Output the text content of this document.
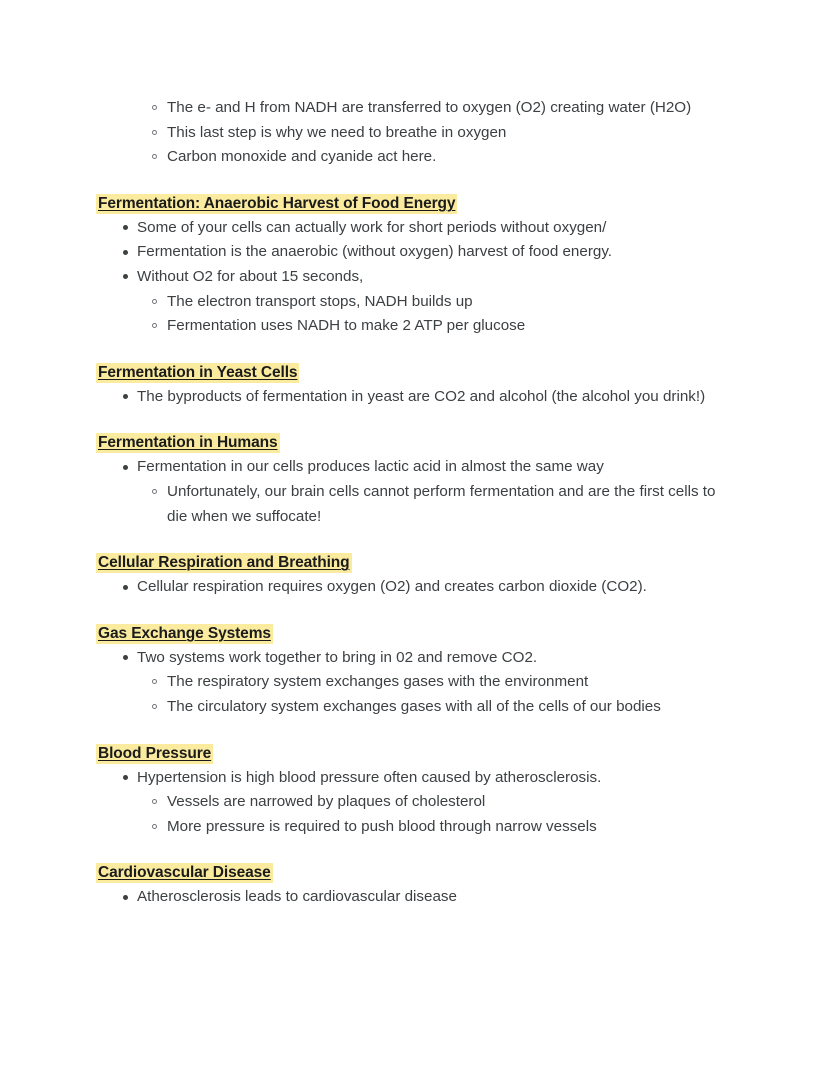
The e- and H from NADH are transferred to oxygen (O2) creating water (H2O)
This last step is why we need to breathe in oxygen
Carbon monoxide and cyanide act here.
Fermentation: Anaerobic Harvest of Food Energy
Some of your cells can actually work for short periods without oxygen/
Fermentation is the anaerobic (without oxygen) harvest of food energy.
Without O2 for about 15 seconds,
The electron transport stops, NADH builds up
Fermentation uses NADH to make 2 ATP per glucose
Fermentation in Yeast Cells
The byproducts of fermentation in yeast are CO2 and alcohol (the alcohol you drink!)
Fermentation in Humans
Fermentation in our cells produces lactic acid in almost the same way
Unfortunately, our brain cells cannot perform fermentation and are the first cells to die when we suffocate!
Cellular Respiration and Breathing
Cellular respiration requires oxygen (O2) and creates carbon dioxide (CO2).
Gas Exchange Systems
Two systems work together to bring in 02 and remove CO2.
The respiratory system exchanges gases with the environment
The circulatory system exchanges gases with all of the cells of our bodies
Blood Pressure
Hypertension is high blood pressure often caused by atherosclerosis.
Vessels are narrowed by plaques of cholesterol
More pressure is required to push blood through narrow vessels
Cardiovascular Disease
Atherosclerosis leads to cardiovascular disease
